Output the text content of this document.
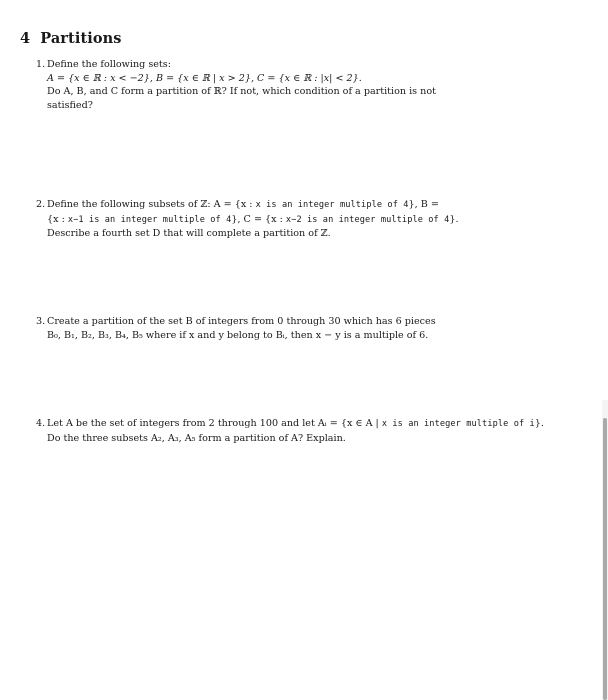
4 Partitions
1. Define the following sets:
A = {x ∈ ℝ : x < −2}, B = {x ∈ ℝ | x > 2}, C = {x ∈ ℝ : |x| < 2}.
Do A, B, and C form a partition of ℝ? If not, which condition of a partition is not
satisfied?
2. Define the following subsets of ℤ: A = {x : x is an integer multiple of 4}, B =
{x : x−1 is an integer multiple of 4}, C = {x : x−2 is an integer multiple of 4}.
Describe a fourth set D that will complete a partition of ℤ.
3. Create a partition of the set B of integers from 0 through 30 which has 6 pieces
B₀, B₁, B₂, B₃, B₄, B₅ where if x and y belong to Bᵢ, then x − y is a multiple of 6.
4. Let A be the set of integers from 2 through 100 and let Aᵢ = {x ∈ A | x is an integer multiple of i}.
Do the three subsets A₂, A₃, A₅ form a partition of A? Explain.
